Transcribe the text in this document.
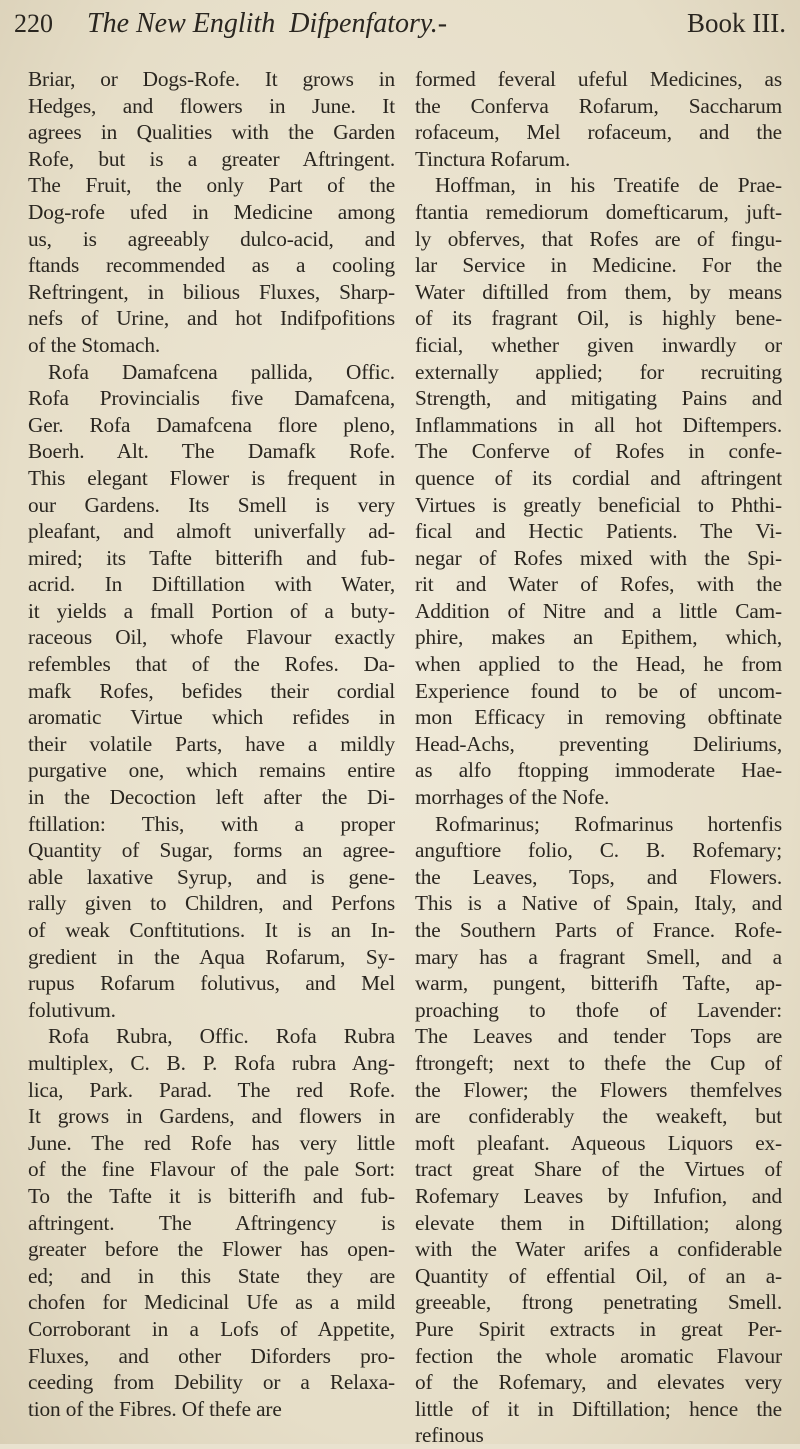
220	The New Englith Difpenfatory.-	Book III.
Briar, or Dogs-Rofe. It grows in
Hedges, and flowers in June. It
agrees in Qualities with the Garden
Rofe, but is a greater Aftringent.
The Fruit, the only Part of the
Dog-rofe ufed in Medicine among
us, is agreeably dulco-acid, and
ftands recommended as a cooling
Reftringent, in bilious Fluxes, Sharp-
nefs of Urine, and hot Indifpofitions
of the Stomach.
Rofa Damafcena pallida, Offic.
Rofa Provincialis five Damafcena,
Ger. Rofa Damafcena flore pleno,
Boerh. Alt. The Damafk Rofe.
This elegant Flower is frequent in
our Gardens. Its Smell is very
pleafant, and almoft univerfally ad-
mired; its Tafte bitterifh and fub-
acrid. In Diftillation with Water,
it yields a fmall Portion of a buty-
raceous Oil, whofe Flavour exactly
refembles that of the Rofes. Da-
mafk Rofes, befides their cordial
aromatic Virtue which refides in
their volatile Parts, have a mildly
purgative one, which remains entire
in the Decoction left after the Di-
ftillation: This, with a proper
Quantity of Sugar, forms an agree-
able laxative Syrup, and is gene-
rally given to Children, and Perfons
of weak Conftitutions. It is an In-
gredient in the Aqua Rofarum, Sy-
rupus Rofarum folutivus, and Mel
folutivum.
Rofa Rubra, Offic. Rofa Rubra
multiplex, C. B. P. Rofa rubra Ang-
lica, Park. Parad. The red Rofe.
It grows in Gardens, and flowers in
June. The red Rofe has very little
of the fine Flavour of the pale Sort:
To the Tafte it is bitterifh and fub-
aftringent. The Aftringency is
greater before the Flower has open-
ed; and in this State they are
chofen for Medicinal Ufe as a mild
Corroborant in a Lofs of Appetite,
Fluxes, and other Diforders pro-
ceeding from Debility or a Relaxa-
tion of the Fibres. Of thefe are
formed feveral ufeful Medicines, as
the Conferva Rofarum, Saccharum
rofaceum, Mel rofaceum, and the
Tinctura Rofarum.
Hoffman, in his Treatife de Prae-
ftantia remediorum domefticarum, juft-
ly obferves, that Rofes are of fingu-
lar Service in Medicine. For the
Water diftilled from them, by means
of its fragrant Oil, is highly bene-
ficial, whether given inwardly or
externally applied; for recruiting
Strength, and mitigating Pains and
Inflammations in all hot Diftempers.
The Conferve of Rofes in confe-
quence of its cordial and aftringent
Virtues is greatly beneficial to Phthi-
fical and Hectic Patients. The Vi-
negar of Rofes mixed with the Spi-
rit and Water of Rofes, with the
Addition of Nitre and a little Cam-
phire, makes an Epithem, which,
when applied to the Head, he from
Experience found to be of uncom-
mon Efficacy in removing obftinate
Head-Achs, preventing Deliriums,
as alfo ftopping immoderate Hae-
morrhages of the Nofe.
Rofmarinus; Rofmarinus hortenfis
anguftiore folio, C. B. Rofemary;
the Leaves, Tops, and Flowers.
This is a Native of Spain, Italy, and
the Southern Parts of France. Rofe-
mary has a fragrant Smell, and a
warm, pungent, bitterifh Tafte, ap-
proaching to thofe of Lavender:
The Leaves and tender Tops are
ftrongeft; next to thefe the Cup of
the Flower; the Flowers themfelves
are confiderably the weakeft, but
moft pleafant. Aqueous Liquors ex-
tract great Share of the Virtues of
Rofemary Leaves by Infufion, and
elevate them in Diftillation; along
with the Water arifes a confiderable
Quantity of effential Oil, of an a-
greeable, ftrong penetrating Smell.
Pure Spirit extracts in great Per-
fection the whole aromatic Flavour
of the Rofemary, and elevates very
little of it in Diftillation; hence the
refinous
